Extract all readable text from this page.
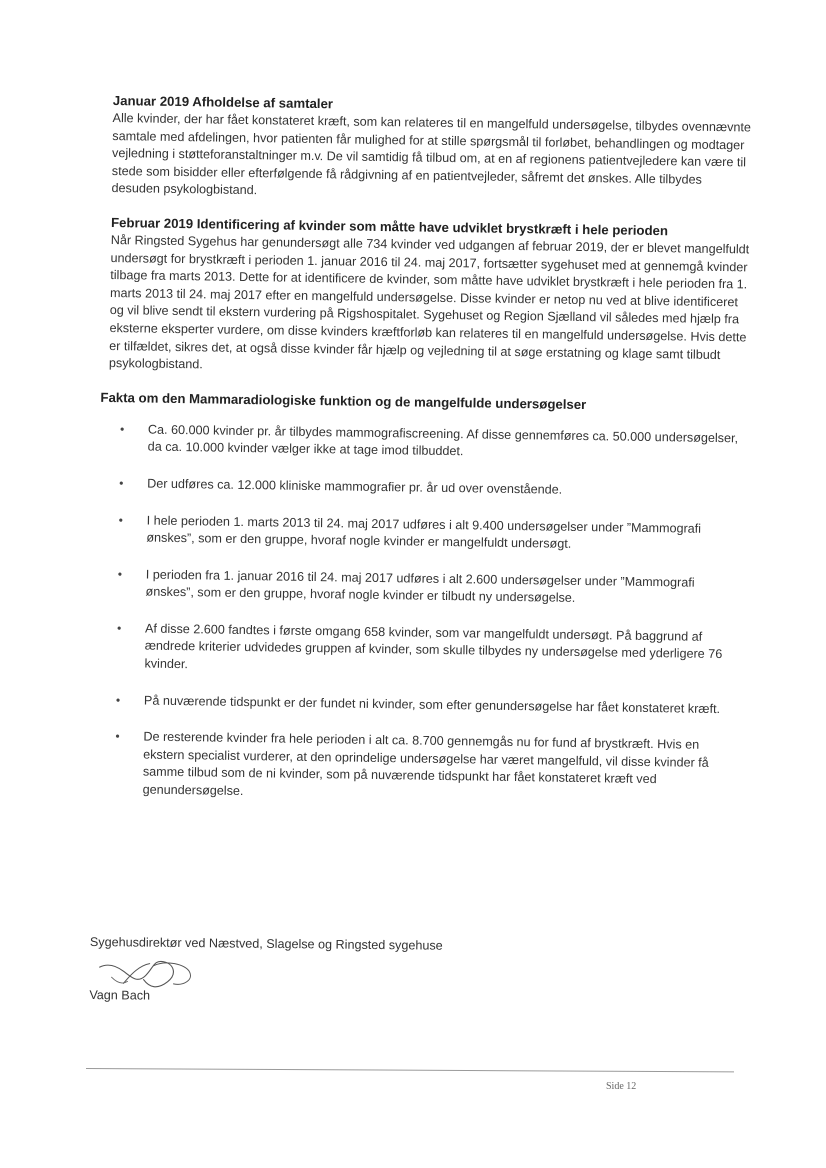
Januar 2019 Afholdelse af samtaler

Alle kvinder, der har fået konstateret kræft, som kan relateres til en mangelfuld undersøgelse, tilbydes ovennævnte samtale med afdelingen, hvor patienten får mulighed for at stille spørgsmål til forløbet, behandlingen og modtager vejledning i støtteforanstaltninger m.v. De vil samtidig få tilbud om, at en af regionens patientvejledere kan være til stede som bisidder eller efterfølgende få rådgivning af en patientvejleder, såfremt det ønskes. Alle tilbydes desuden psykologbistand.

Februar 2019 Identificering af kvinder som måtte have udviklet brystkræft i hele perioden

Når Ringsted Sygehus har genundersøgt alle 734 kvinder ved udgangen af februar 2019, der er blevet mangelfuldt undersøgt for brystkræft i perioden 1. januar 2016 til 24. maj 2017, fortsætter sygehuset med at gennemgå kvinder tilbage fra marts 2013. Dette for at identificere de kvinder, som måtte have udviklet brystkræft i hele perioden fra 1. marts 2013 til 24. maj 2017 efter en mangelfuld undersøgelse. Disse kvinder er netop nu ved at blive identificeret og vil blive sendt til ekstern vurdering på Rigshospitalet. Sygehuset og Region Sjælland vil således med hjælp fra eksterne eksperter vurdere, om disse kvinders kræftforløb kan relateres til en mangelfuld undersøgelse. Hvis dette er tilfældet, sikres det, at også disse kvinder får hjælp og vejledning til at søge erstatning og klage samt tilbudt psykologbistand.

Fakta om den Mammaradiologiske funktion og de mangelfulde undersøgelser

• Ca. 60.000 kvinder pr. år tilbydes mammografiscreening. Af disse gennemføres ca. 50.000 undersøgelser, da ca. 10.000 kvinder vælger ikke at tage imod tilbuddet.
• Der udføres ca. 12.000 kliniske mammografier pr. år ud over ovenstående.
• I hele perioden 1. marts 2013 til 24. maj 2017 udføres i alt 9.400 undersøgelser under ”Mammografi ønskes”, som er den gruppe, hvoraf nogle kvinder er mangelfuldt undersøgt.
• I perioden fra 1. januar 2016 til 24. maj 2017 udføres i alt 2.600 undersøgelser under ”Mammografi ønskes”, som er den gruppe, hvoraf nogle kvinder er tilbudt ny undersøgelse.
• Af disse 2.600 fandtes i første omgang 658 kvinder, som var mangelfuldt undersøgt. På baggrund af ændrede kriterier udvidedes gruppen af kvinder, som skulle tilbydes ny undersøgelse med yderligere 76 kvinder.
• På nuværende tidspunkt er der fundet ni kvinder, som efter genundersøgelse har fået konstateret kræft.
• De resterende kvinder fra hele perioden i alt ca. 8.700 gennemgås nu for fund af brystkræft. Hvis en ekstern specialist vurderer, at den oprindelige undersøgelse har været mangelfuld, vil disse kvinder få samme tilbud som de ni kvinder, som på nuværende tidspunkt har fået konstateret kræft ved genundersøgelse.

Sygehusdirektør ved Næstved, Slagelse og Ringsted sygehuse

Vagn Bach

Side 12
